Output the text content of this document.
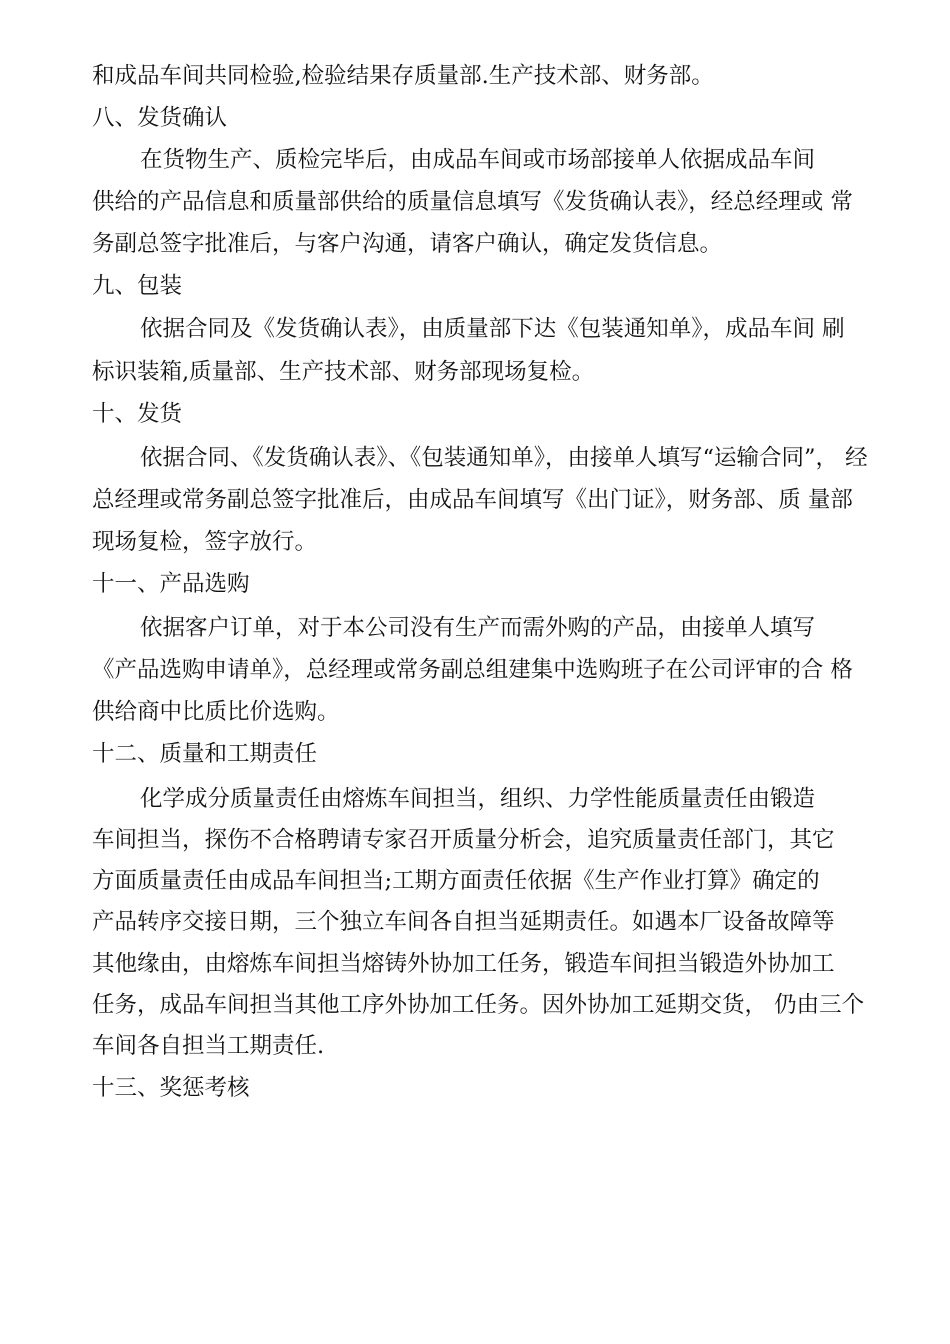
和成品车间共同检验,检验结果存质量部.生产技术部、财务部。
八、发货确认
在货物生产、质检完毕后，由成品车间或市场部接单人依据成品车间
供给的产品信息和质量部供给的质量信息填写《发货确认表》，经总经理或 常
务副总签字批准后，与客户沟通，请客户确认，确定发货信息。
九、包装
依据合同及《发货确认表》，由质量部下达《包装通知单》，成品车间 刷
标识装箱,质量部、生产技术部、财务部现场复检。
十、发货
依据合同、《发货确认表》、《包装通知单》，由接单人填写“运输合同”， 经
总经理或常务副总签字批准后，由成品车间填写《出门证》，财务部、质 量部
现场复检，签字放行。
十一、产品选购
依据客户订单，对于本公司没有生产而需外购的产品，由接单人填写
《产品选购申请单》，总经理或常务副总组建集中选购班子在公司评审的合 格
供给商中比质比价选购。
十二、质量和工期责任
化学成分质量责任由熔炼车间担当，组织、力学性能质量责任由锻造
车间担当，探伤不合格聘请专家召开质量分析会，追究质量责任部门，其它
方面质量责任由成品车间担当;工期方面责任依据《生产作业打算》确定的
产品转序交接日期，三个独立车间各自担当延期责任。如遇本厂设备故障等
其他缘由，由熔炼车间担当熔铸外协加工任务，锻造车间担当锻造外协加工
任务，成品车间担当其他工序外协加工任务。因外协加工延期交货， 仍由三个
车间各自担当工期责任.
十三、奖惩考核
